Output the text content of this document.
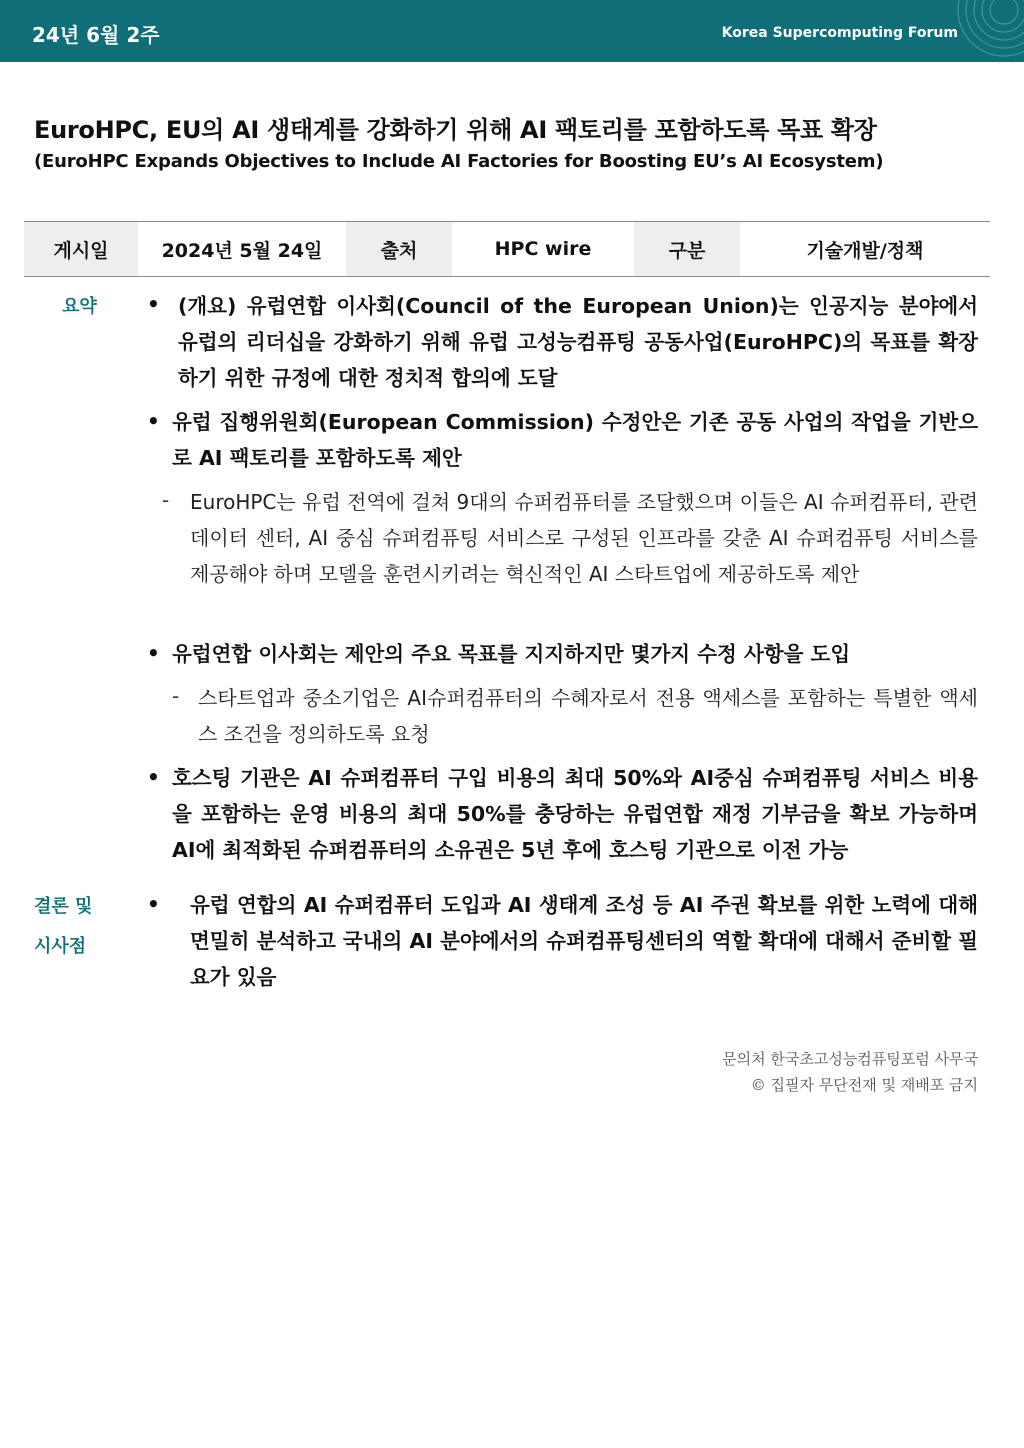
24년 6월 2주	Korea Supercomputing Forum
EuroHPC, EU의 AI 생태계를 강화하기 위해 AI 팩토리를 포함하도록 목표 확장
(EuroHPC Expands Objectives to Include AI Factories for Boosting EU’s AI Ecosystem)
게시일	2024년 5월 24일	출처	HPC wire	구분	기술개발/정책
요약	• (개요) 유럽연합 이사회(Council of the European Union)는 인공지능 분야에서 유럽의 리더십을 강화하기 위해 유럽 고성능컴퓨팅 공동사업(EuroHPC)의 목표를 확장하기 위한 규정에 대한 정치적 합의에 도달
• 유럽 집행위원회(European Commission) 수정안은 기존 공동 사업의 작업을 기반으로 AI 팩토리를 포함하도록 제안
- EuroHPC는 유럽 전역에 걸쳐 9대의 슈퍼컴퓨터를 조달했으며 이들은 AI 슈퍼컴퓨터, 관련 데이터 센터, AI 중심 슈퍼컴퓨팅 서비스로 구성된 인프라를 갖춘 AI 슈퍼컴퓨팅 서비스를 제공해야 하며 모델을 훈련시키려는 혁신적인 AI 스타트업에 제공하도록 제안
• 유럽연합 이사회는 제안의 주요 목표를 지지하지만 몇가지 수정 사항을 도입
- 스타트업과 중소기업은 AI슈퍼컴퓨터의 수혜자로서 전용 액세스를 포함하는 특별한 액세스 조건을 정의하도록 요청
• 호스팅 기관은 AI 슈퍼컴퓨터 구입 비용의 최대 50%와 AI중심 슈퍼컴퓨팅 서비스 비용을 포함하는 운영 비용의 최대 50%를 충당하는 유럽연합 재정 기부금을 확보 가능하며 AI에 최적화된 슈퍼컴퓨터의 소유권은 5년 후에 호스팅 기관으로 이전 가능
결론 및
시사점
• 유럽 연합의 AI 슈퍼컴퓨터 도입과 AI 생태계 조성 등 AI 주권 확보를 위한 노력에 대해 면밀히 분석하고 국내의 AI 분야에서의 슈퍼컴퓨팅센터의 역할 확대에 대해서 준비할 필요가 있음
문의처 한국초고성능컴퓨팅포럼 사무국
© 집필자 무단전재 및 재배포 금지
